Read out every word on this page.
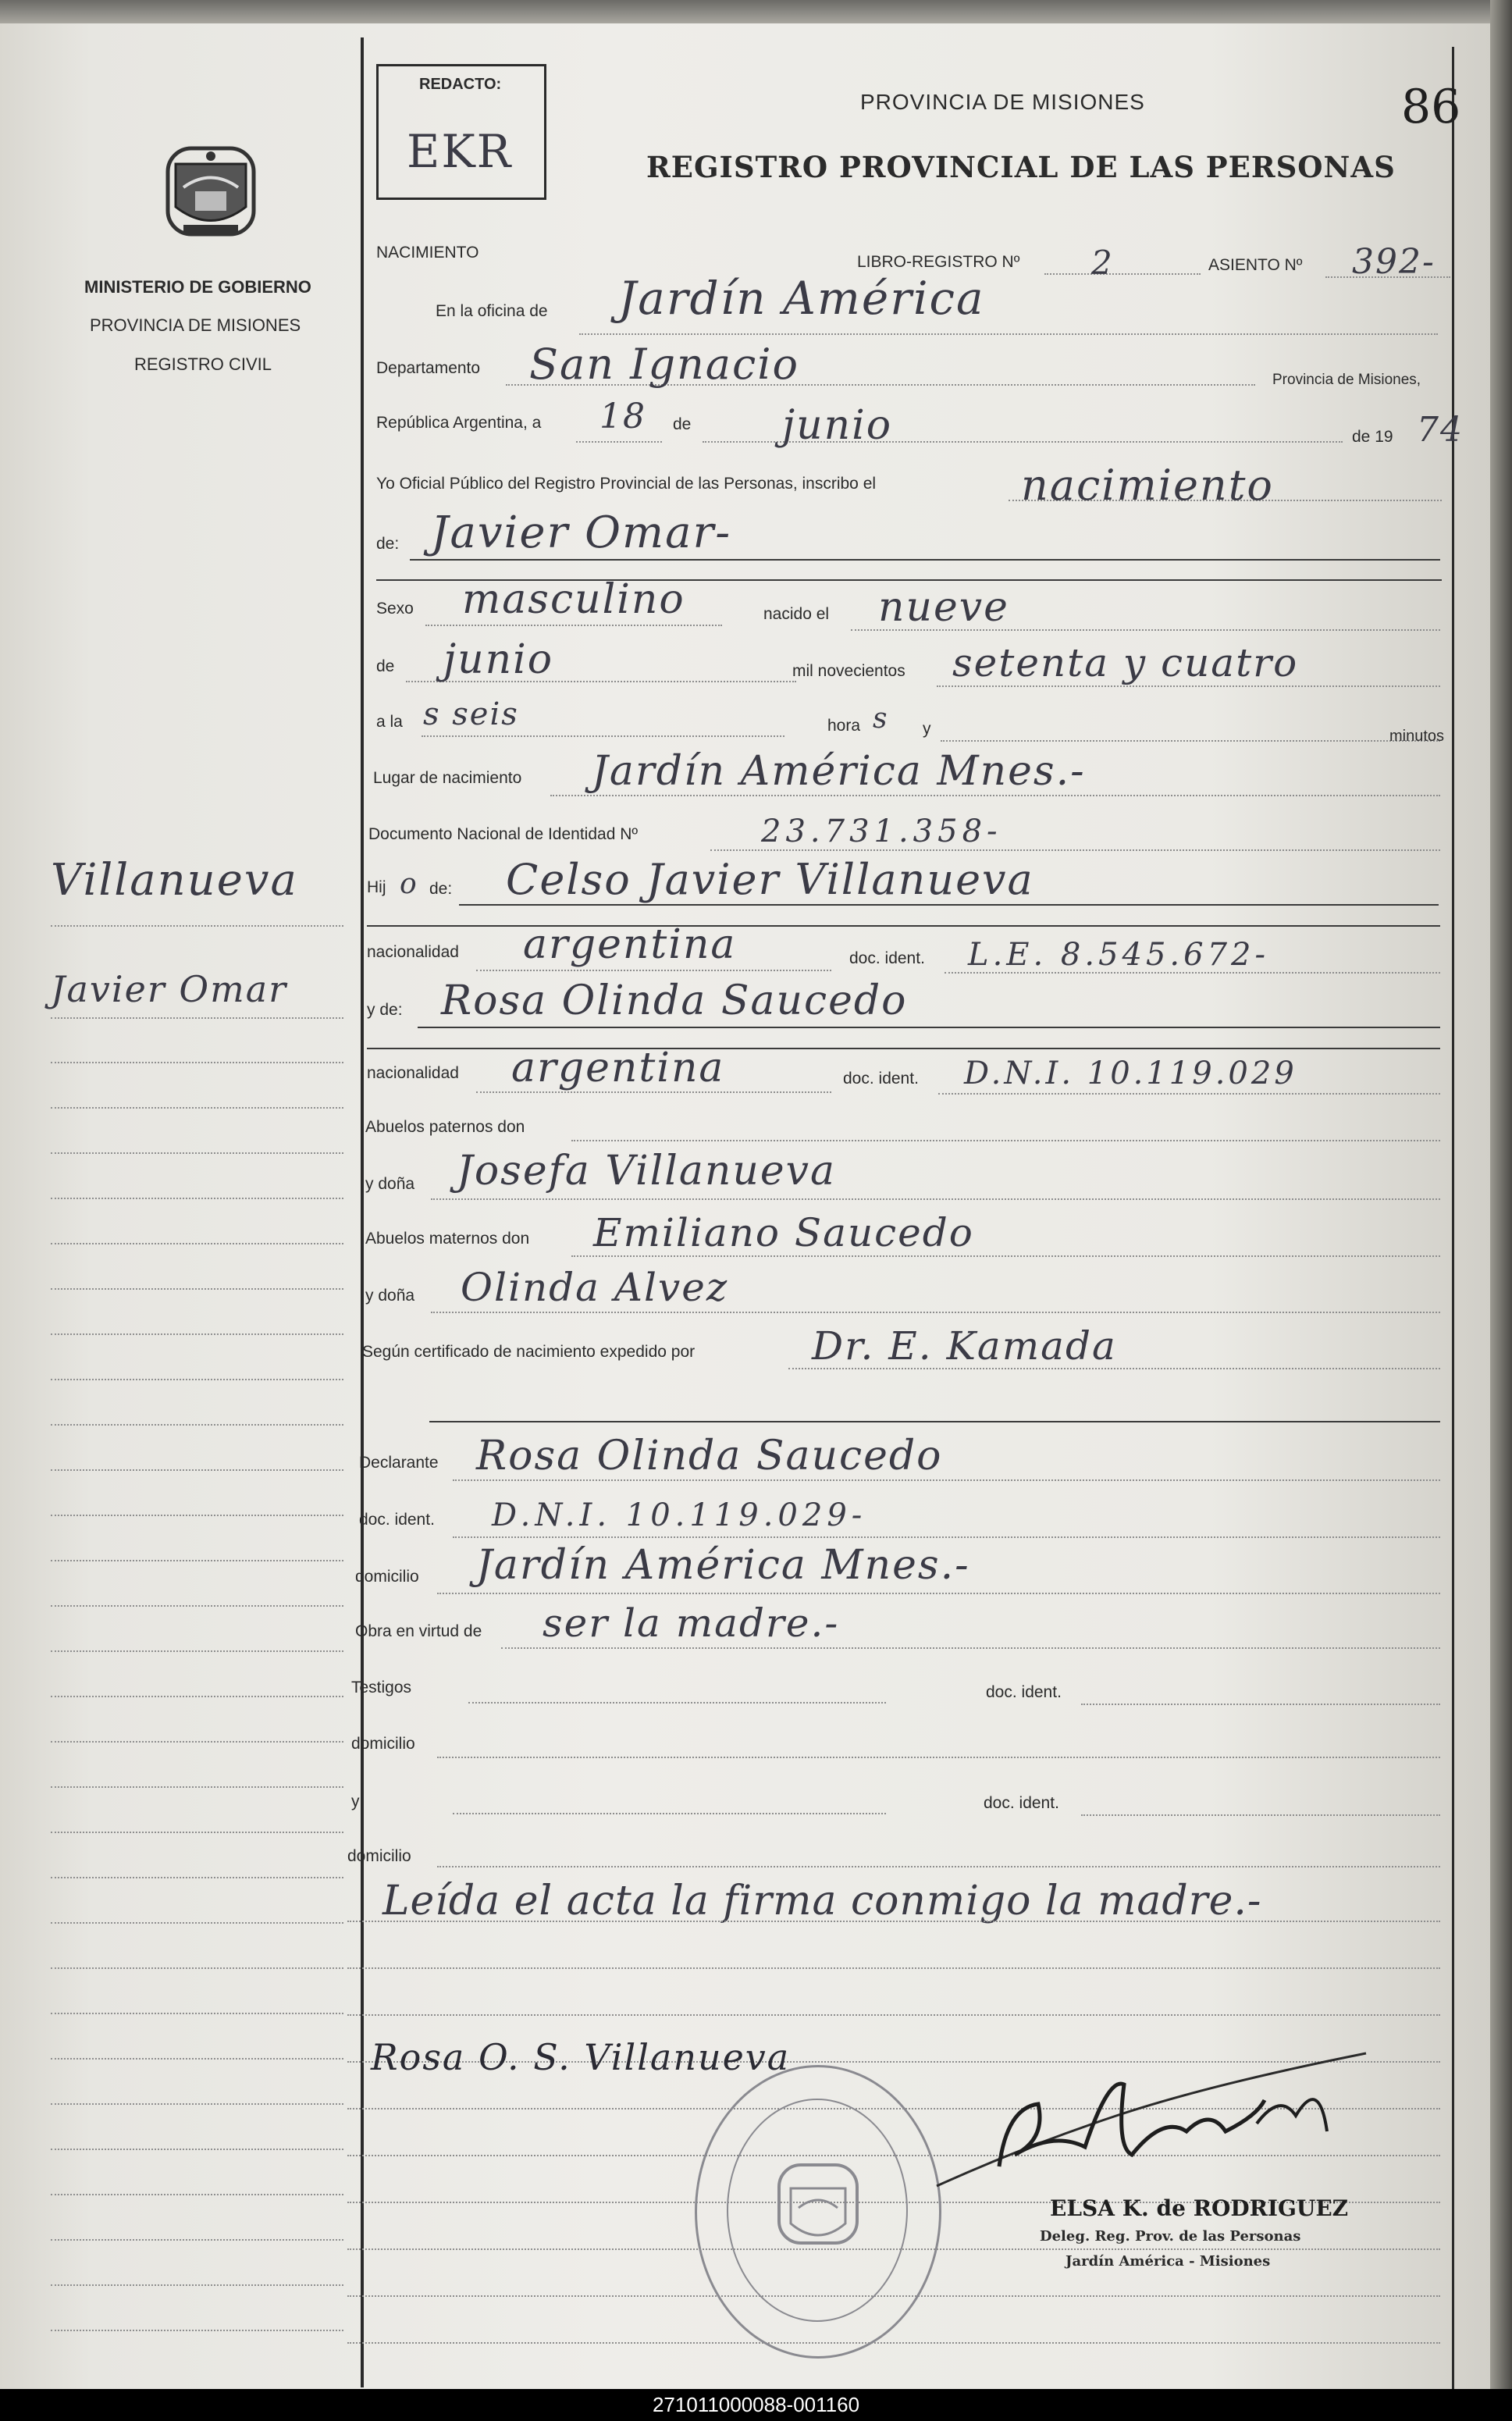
MINISTERIO DE GOBIERNO
PROVINCIA DE MISIONES
REGISTRO CIVIL
Villanueva
Javier Omar
REDACTO:
EKR
PROVINCIA DE MISIONES
REGISTRO PROVINCIAL DE LAS PERSONAS
86
NACIMIENTO
LIBRO-REGISTRO Nº 2	ASIENTO Nº 392-
En la oficina de Jardín América
Departamento San Ignacio	Provincia de Misiones,
República Argentina, a 18 de junio	de 19 74
Yo Oficial Público del Registro Provincial de las Personas, inscribo el	nacimiento
de: Javier Omar-
Sexo masculino	nacido el nueve
de junio	mil novecientos setenta y cuatro
a la s seis	hora s y	minutos
Lugar de nacimiento Jardín América Mnes.-
Documento Nacional de Identidad Nº	23.731.358-
Hij o de: Celso Javier Villanueva
nacionalidad argentina	doc. ident. L.E. 8.545.672-
y de: Rosa Olinda Saucedo
nacionalidad argentina	doc. ident. D.N.I. 10.119.029
Abuelos paternos don
y doña Josefa Villanueva
Abuelos maternos don Emiliano Saucedo
y doña Olinda Alvez
Según certificado de nacimiento expedido por	Dr. E. Kamada
Declarante Rosa Olinda Saucedo
doc. ident. D.N.I. 10.119.029-
domicilio Jardín América Mnes.-
Obra en virtud de ser la madre.-
Testigos	doc. ident.
domicilio
y	doc. ident.
domicilio
Leída el acta la firma conmigo la madre.-
Rosa O. S. Villanueva
ELSA K. de RODRIGUEZ
Deleg. Reg. Prov. de las Personas
Jardín América - Misiones
271011000088-001160
